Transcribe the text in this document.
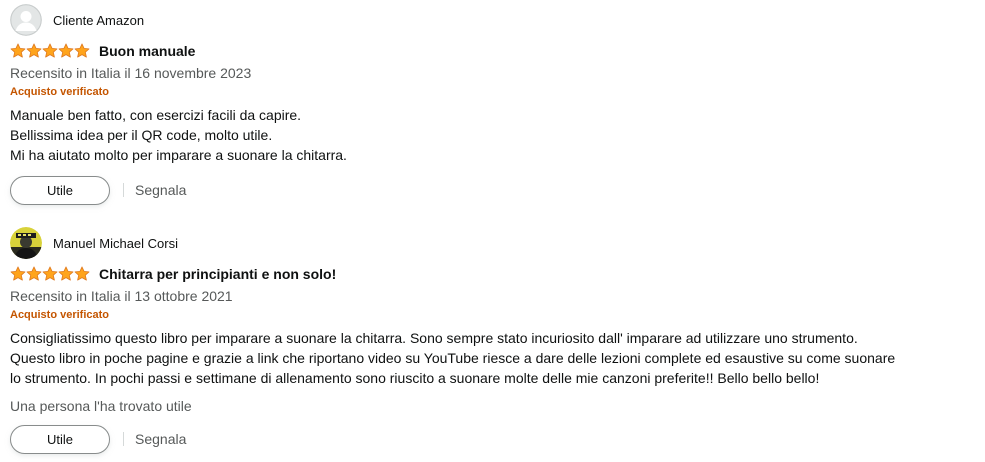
Cliente Amazon
Buon manuale
Recensito in Italia il 16 novembre 2023
Acquisto verificato

Manuale ben fatto, con esercizi facili da capire.

Bellissima idea per il QR code, molto utile.

Mi ha aiutato molto per imparare a suonare la chitarra.

Utile	Segnala
Manuel Michael Corsi
Chitarra per principianti e non solo!
Recensito in Italia il 13 ottobre 2021
Acquisto verificato

Consigliatissimo questo libro per imparare a suonare la chitarra. Sono sempre stato incuriosito dall' imparare ad utilizzare uno strumento.

Questo libro in poche pagine e grazie a link che riportano video su YouTube riesce a dare delle lezioni complete ed esaustive su come suonare

lo strumento. In pochi passi e settimane di allenamento sono riuscito a suonare molte delle mie canzoni preferite!! Bello bello bello!

Una persona l'ha trovato utile
Utile	Segnala
